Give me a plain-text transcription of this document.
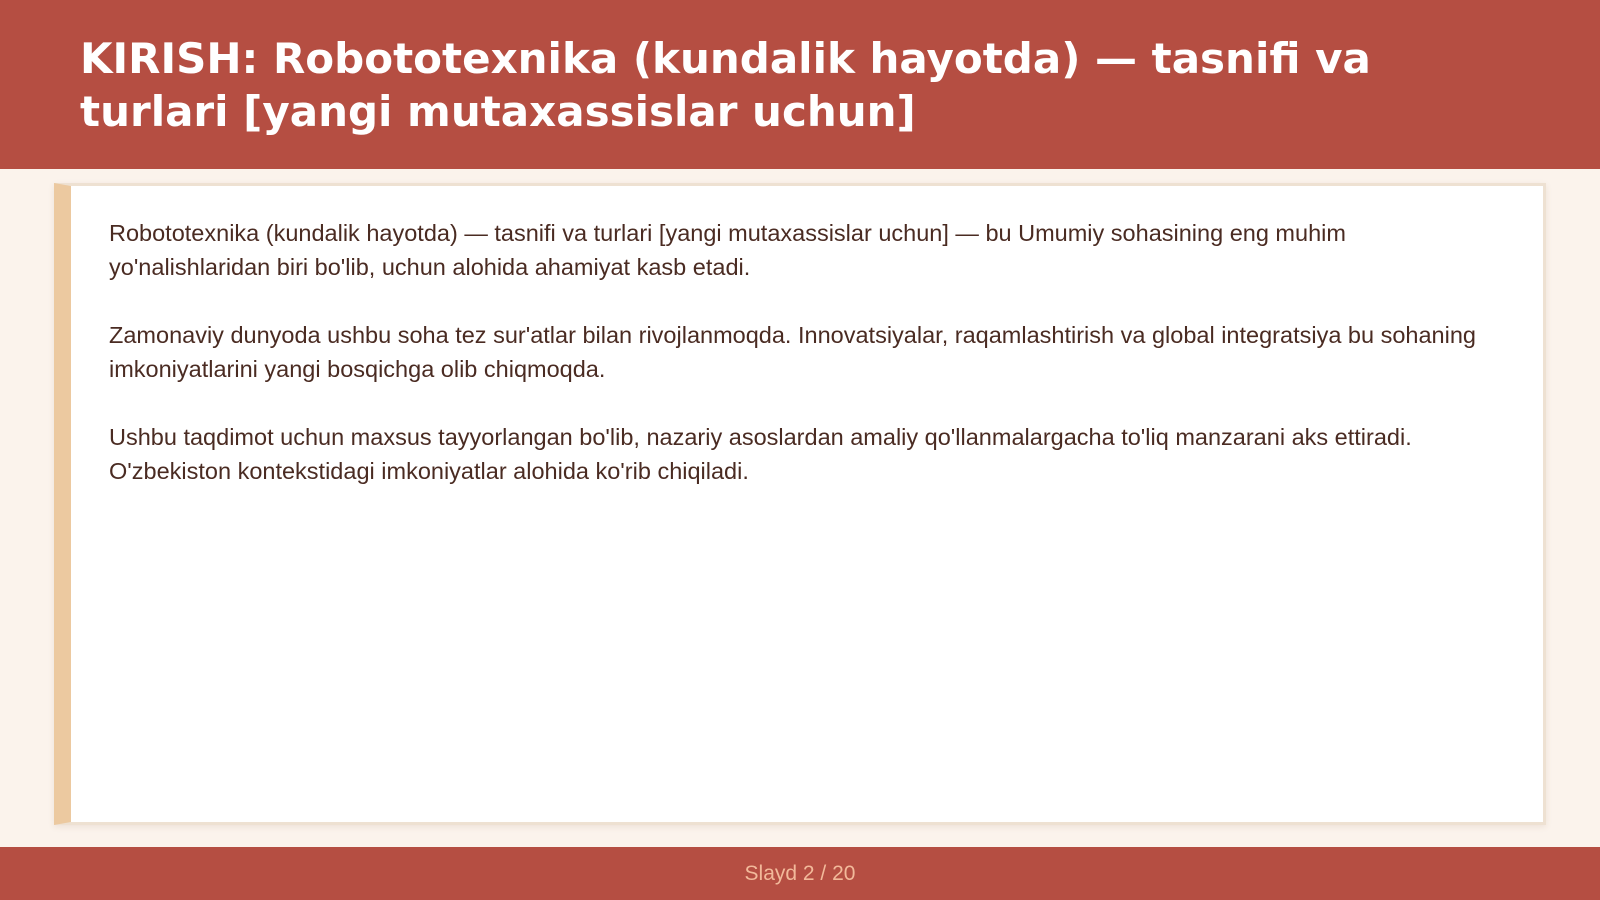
KIRISH: Robototexnika (kundalik hayotda) — tasnifi va turlari [yangi mutaxassislar uchun]

Robototexnika (kundalik hayotda) — tasnifi va turlari [yangi mutaxassislar uchun] — bu Umumiy sohasining eng muhim yo'nalishlaridan biri bo'lib, uchun alohida ahamiyat kasb etadi.

Zamonaviy dunyoda ushbu soha tez sur'atlar bilan rivojlanmoqda. Innovatsiyalar, raqamlashtirish va global integratsiya bu sohaning imkoniyatlarini yangi bosqichga olib chiqmoqda.

Ushbu taqdimot uchun maxsus tayyorlangan bo'lib, nazariy asoslardan amaliy qo'llanmalargacha to'liq manzarani aks ettiradi. O'zbekiston kontekstidagi imkoniyatlar alohida ko'rib chiqiladi.

Slayd 2 / 20
